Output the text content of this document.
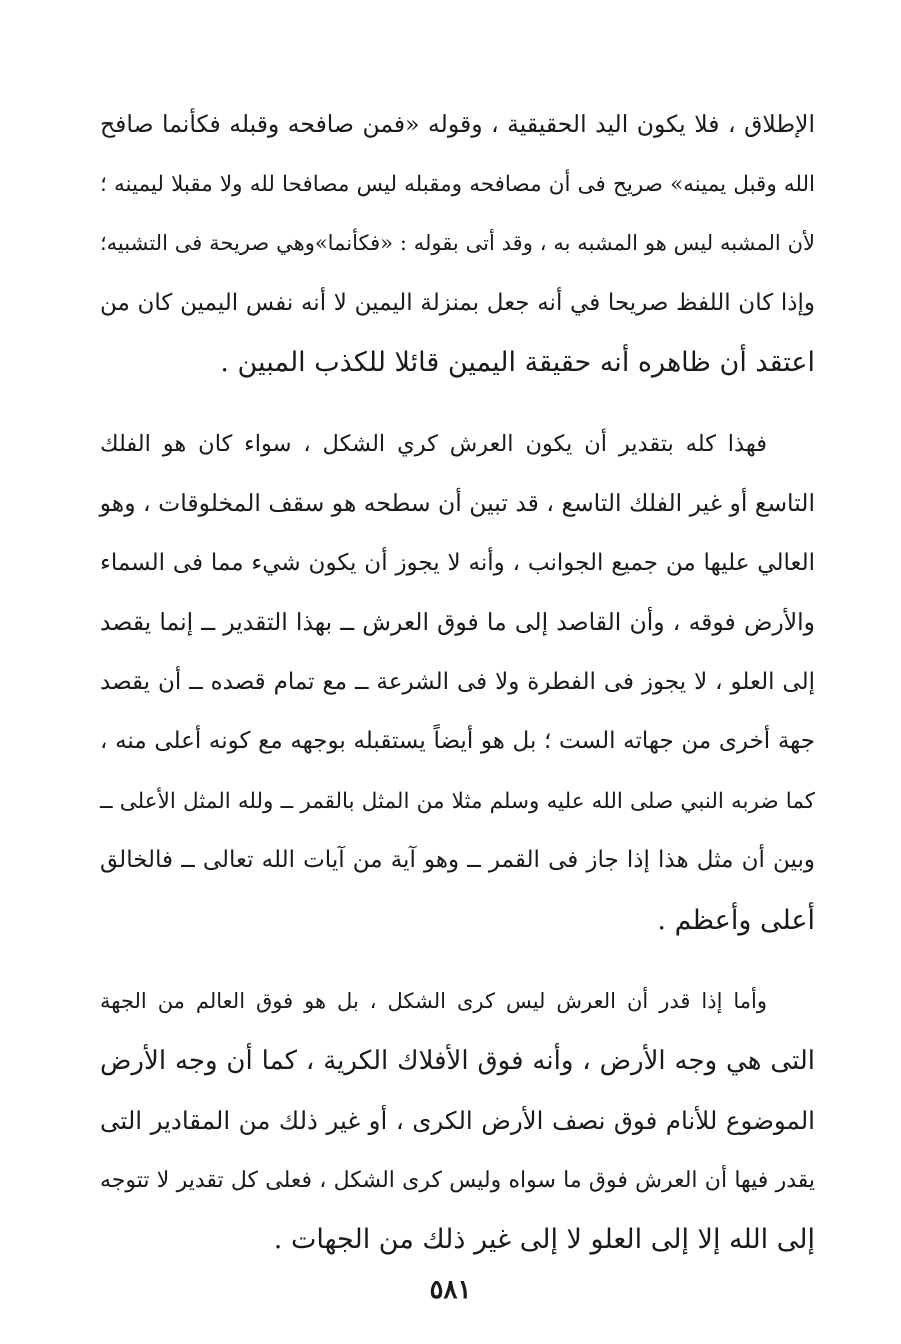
الإطلاق ، فلا يكون اليد الحقيقية ، وقوله «فمن صافحه وقبله فكأنما صافح
الله وقبل يمينه» صريح فى أن مصافحه ومقبله ليس مصافحا لله ولا مقبلا ليمينه ؛
لأن المشبه ليس هو المشبه به ، وقد أتى بقوله : «فكأنما»وهي صريحة فى التشبيه؛
وإذا كان اللفظ صريحا في أنه جعل بمنزلة اليمين لا أنه نفس اليمين كان من
اعتقد أن ظاهره أنه حقيقة اليمين قائلا للكذب المبين .

فهذا كله بتقدير أن يكون العرش كري الشكل ، سواء كان هو الفلك
التاسع أو غير الفلك التاسع ، قد تبين أن سطحه هو سقف المخلوقات ، وهو
العالي عليها من جميع الجوانب ، وأنه لا يجوز أن يكون شيء مما فى السماء
والأرض فوقه ، وأن القاصد إلى ما فوق العرش ــ بهذا التقدير ــ إنما يقصد
إلى العلو ، لا يجوز فى الفطرة ولا فى الشرعة ــ مع تمام قصده ــ أن يقصد
جهة أخرى من جهاته الست ؛ بل هو أيضاً يستقبله بوجهه مع كونه أعلى منه ،
كما ضربه النبي صلى الله عليه وسلم مثلا من المثل بالقمر ــ ولله المثل الأعلى ــ
وبين أن مثل هذا إذا جاز فى القمر ــ وهو آية من آيات الله تعالى ــ فالخالق
أعلى وأعظم .

وأما إذا قدر أن العرش ليس كرى الشكل ، بل هو فوق العالم من الجهة
التى هي وجه الأرض ، وأنه فوق الأفلاك الكرية ، كما أن وجه الأرض
الموضوع للأنام فوق نصف الأرض الكرى ، أو غير ذلك من المقادير التى
يقدر فيها أن العرش فوق ما سواه وليس كرى الشكل ، فعلى كل تقدير لا تتوجه
إلى الله إلا إلى العلو لا إلى غير ذلك من الجهات .

٥٨١
